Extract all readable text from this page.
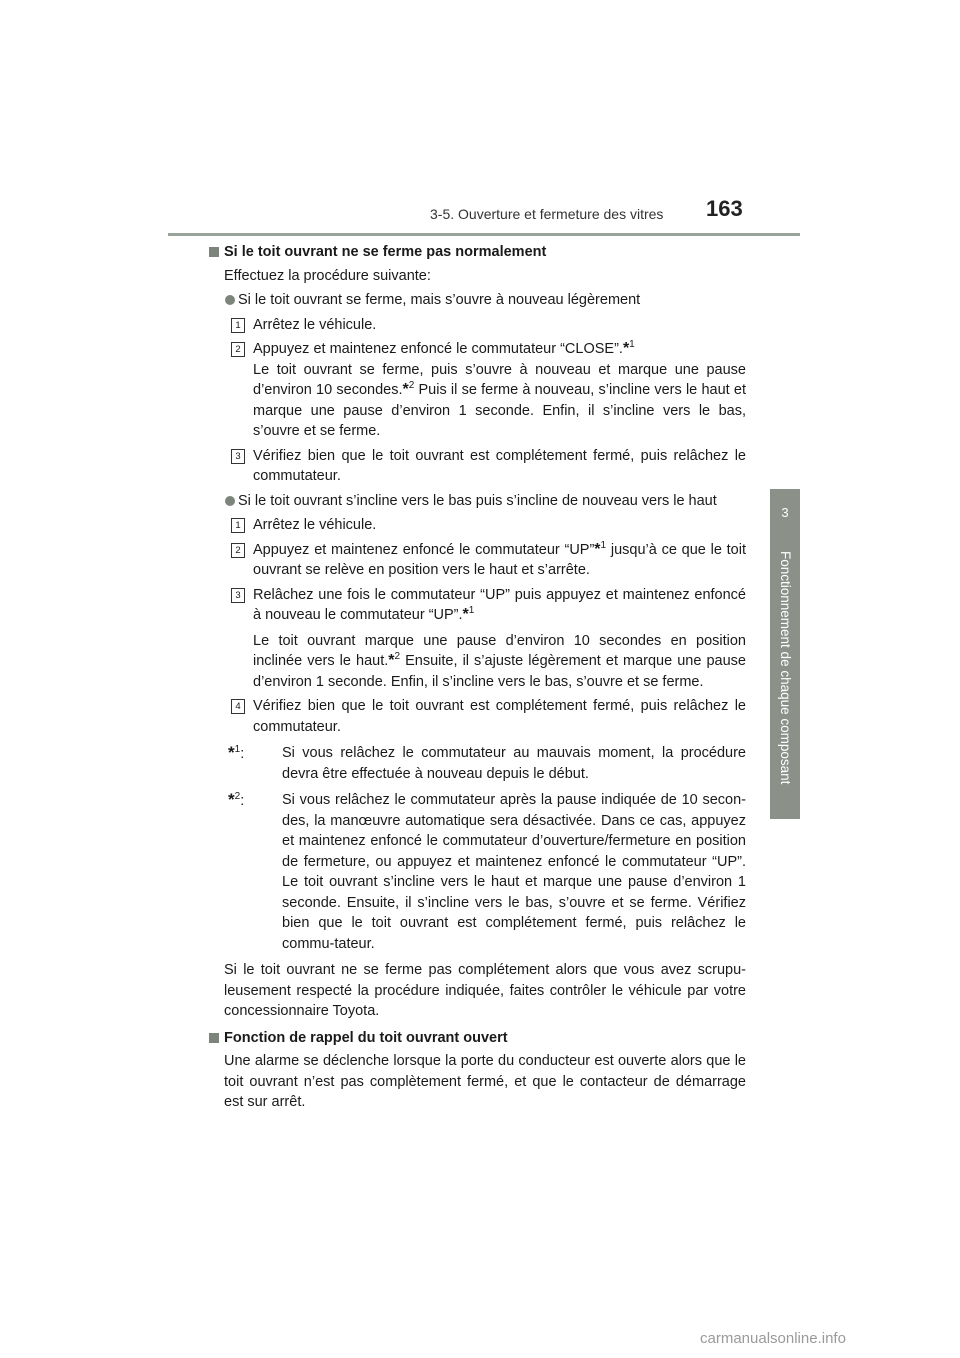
3-5. Ouverture et fermeture des vitres 163
3
Fonctionnement de chaque composant
Si le toit ouvrant ne se ferme pas normalement
Effectuez la procédure suivante:
Si le toit ouvrant se ferme, mais s’ouvre à nouveau légèrement
1 Arrêtez le véhicule.
2 Appuyez et maintenez enfoncé le commutateur “CLOSE”.*$^1$
Le toit ouvrant se ferme, puis s’ouvre à nouveau et marque une pause d’environ 10 secondes.*$^2$ Puis il se ferme à nouveau, s’incline vers le haut et marque une pause d’environ 1 seconde. Enfin, il s’incline vers le bas, s’ouvre et se ferme.
3 Vérifiez bien que le toit ouvrant est complétement fermé, puis relâchez le commutateur.
Si le toit ouvrant s’incline vers le bas puis s’incline de nouveau vers le haut
1 Arrêtez le véhicule.
2 Appuyez et maintenez enfoncé le commutateur “UP”*$^1$ jusqu’à ce que le toit ouvrant se relève en position vers le haut et s’arrête.
3 Relâchez une fois le commutateur “UP” puis appuyez et maintenez enfoncé à nouveau le commutateur “UP”.*$^1$
Le toit ouvrant marque une pause d’environ 10 secondes en position inclinée vers le haut.*$^2$ Ensuite, il s’ajuste légèrement et marque une pause d’environ 1 seconde. Enfin, il s’incline vers le bas, s’ouvre et se ferme.
4 Vérifiez bien que le toit ouvrant est complétement fermé, puis relâchez le commutateur.
*$^1$:	Si vous relâchez le commutateur au mauvais moment, la procédure devra être effectuée à nouveau depuis le début.
*$^2$:	Si vous relâchez le commutateur après la pause indiquée de 10 secon-des, la manœuvre automatique sera désactivée. Dans ce cas, appuyez et maintenez enfoncé le commutateur d’ouverture/fermeture en position de fermeture, ou appuyez et maintenez enfoncé le commutateur “UP”. Le toit ouvrant s’incline vers le haut et marque une pause d’environ 1 seconde. Ensuite, il s’incline vers le bas, s’ouvre et se ferme. Vérifiez bien que le toit ouvrant est complétement fermé, puis relâchez le commu-tateur.
Si le toit ouvrant ne se ferme pas complétement alors que vous avez scrupu-leusement respecté la procédure indiquée, faites contrôler le véhicule par votre concessionnaire Toyota.
Fonction de rappel du toit ouvrant ouvert
Une alarme se déclenche lorsque la porte du conducteur est ouverte alors que le toit ouvrant n’est pas complètement fermé, et que le contacteur de démarrage est sur arrêt.
carmanualsonline.info
